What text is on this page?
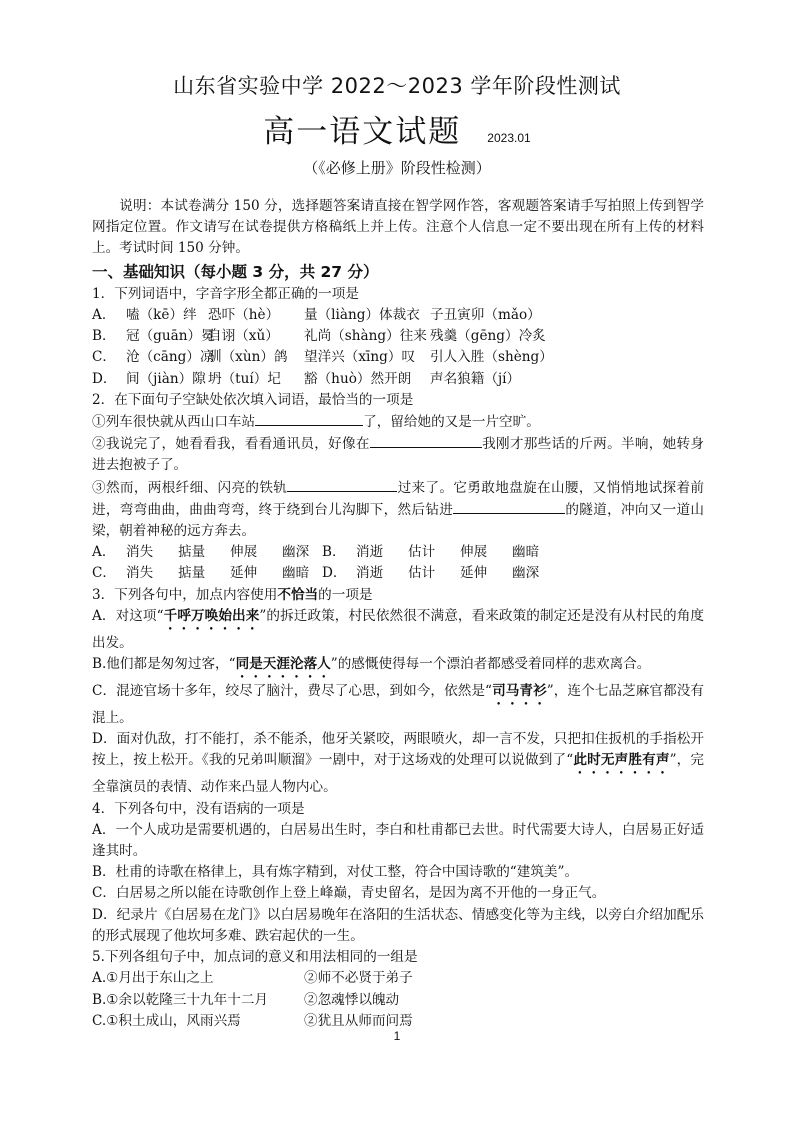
山东省实验中学 2022～2023 学年阶段性测试
高一语文试题 2023.01
（《必修上册》阶段性检测）

说明：本试卷满分 150 分，选择题答案请直接在智学网作答，客观题答案请手写拍照上传到智学网指定位置。作文请写在试卷提供方格稿纸上并上传。注意个人信息一定不要出现在所有上传的材料上。考试时间 150 分钟。

一、基础知识（每小题 3 分，共 27 分）
1．下列词语中，字音字形全都正确的一项是
A． 嗑（kē）绊 恐吓（hè） 量（liàng）体裁衣 子丑寅卯（mǎo）
B． 冠（guān）冕自诩（xǔ） 礼尚（shàng）往来 残羹（gēng）冷炙
C． 沧（cāng）凉驯（xùn）鸽 望洋兴（xīng）叹 引人入胜（shèng）
D． 间（jiàn）隙 坍（tuí）圮 豁（huò）然开朗 声名狼籍（jí）
2．在下面句子空缺处依次填入词语，最恰当的一项是

①列车很快就从西山口车站	了，留给她的又是一片空旷。

②我说完了，她看看我，看看通讯员，好像在	我刚才那些话的斤两。半响，她转身进去抱被子了。

③然而，两根纤细、闪亮的铁轨	过来了。它勇敢地盘旋在山腰，又悄悄地试探着前进，弯弯曲曲，曲曲弯弯，终于绕到台儿沟脚下，然后钻进	的隧道，冲向又一道山梁，朝着神秘的远方奔去。

A． 消失 掂量 伸展 幽深 B． 消逝 估计 伸展 幽暗
C． 消失 掂量 延伸 幽暗 D． 消逝 估计 延伸 幽深
3．下列各句中，加点内容使用不恰当的一项是

A．对这项“千呼万唤始出来”的拆迁政策，村民依然很不满意，看来政策的制定还是没有从村民的角度出发。

B.他们都是匆匆过客，“同是天涯沦落人”的感慨使得每一个漂泊者都感受着同样的悲欢离合。

C．混迹官场十多年，绞尽了脑汁，费尽了心思，到如今，依然是“司马青衫”，连个七品芝麻官都没有混上。

D．面对仇敌，打不能打，杀不能杀，他牙关紧咬，两眼喷火，却一言不发，只把扣住扳机的手指松开按上，按上松开。《我的兄弟叫顺溜》一剧中，对于这场戏的处理可以说做到了“此时无声胜有声”，完全靠演员的表情、动作来凸显人物内心。

4．下列各句中，没有语病的一项是

A．一个人成功是需要机遇的，白居易出生时，李白和杜甫都已去世。时代需要大诗人，白居易正好适逢其时。

B．杜甫的诗歌在格律上，具有炼字精到，对仗工整，符合中国诗歌的“建筑美”。

C．白居易之所以能在诗歌创作上登上峰巅，青史留名，是因为离不开他的一身正气。

D．纪录片《白居易在龙门》以白居易晚年在洛阳的生活状态、情感变化等为主线，以旁白介绍加配乐的形式展现了他坎坷多难、跌宕起伏的一生。

5.下列各组句子中，加点词的意义和用法相同的一组是
A.①月出于东山之上	②师不必贤于弟子
B.①余以乾隆三十九年十二月	②忽魂悸以魄动
C.①积土成山，风雨兴焉	②犹且从师而问焉
1
